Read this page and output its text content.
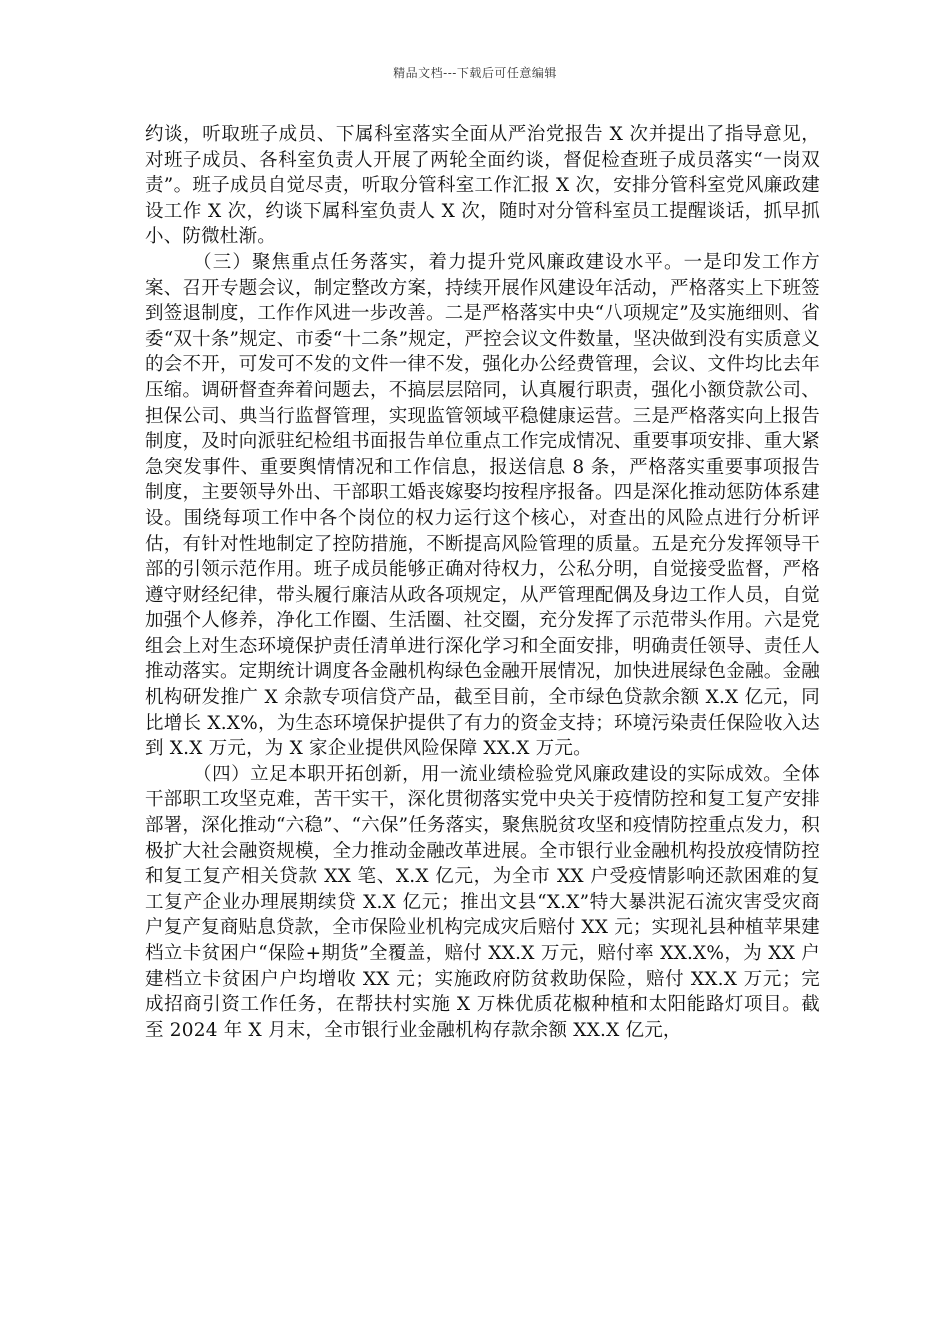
精品文档---下载后可任意编辑

约谈，听取班子成员、下属科室落实全面从严治党报告 X 次并提出了指导意见，对班子成员、各科室负责人开展了两轮全面约谈，督促检查班子成员落实“一岗双责”。班子成员自觉尽责，听取分管科室工作汇报 X 次，安排分管科室党风廉政建设工作 X 次，约谈下属科室负责人 X 次，随时对分管科室员工提醒谈话，抓早抓小、防微杜渐。

（三）聚焦重点任务落实，着力提升党风廉政建设水平。一是印发工作方案、召开专题会议，制定整改方案，持续开展作风建设年活动，严格落实上下班签到签退制度，工作作风进一步改善。二是严格落实中央“八项规定”及实施细则、省委“双十条”规定、市委“十二条”规定，严控会议文件数量，坚决做到没有实质意义的会不开，可发可不发的文件一律不发，强化办公经费管理，会议、文件均比去年压缩。调研督查奔着问题去，不搞层层陪同，认真履行职责，强化小额贷款公司、担保公司、典当行监督管理，实现监管领域平稳健康运营。三是严格落实向上报告制度，及时向派驻纪检组书面报告单位重点工作完成情况、重要事项安排、重大紧急突发事件、重要舆情情况和工作信息，报送信息 8 条，严格落实重要事项报告制度，主要领导外出、干部职工婚丧嫁娶均按程序报备。四是深化推动惩防体系建设。围绕每项工作中各个岗位的权力运行这个核心，对查出的风险点进行分析评估，有针对性地制定了控防措施，不断提高风险管理的质量。五是充分发挥领导干部的引领示范作用。班子成员能够正确对待权力，公私分明，自觉接受监督，严格遵守财经纪律，带头履行廉洁从政各项规定，从严管理配偶及身边工作人员，自觉加强个人修养，净化工作圈、生活圈、社交圈，充分发挥了示范带头作用。六是党组会上对生态环境保护责任清单进行深化学习和全面安排，明确责任领导、责任人推动落实。定期统计调度各金融机构绿色金融开展情况，加快进展绿色金融。金融机构研发推广 X 余款专项信贷产品，截至目前，全市绿色贷款余额 X.X 亿元，同比增长 X.X%，为生态环境保护提供了有力的资金支持；环境污染责任保险收入达到 X.X 万元，为 X 家企业提供风险保障 XX.X 万元。

（四）立足本职开拓创新，用一流业绩检验党风廉政建设的实际成效。全体干部职工攻坚克难，苦干实干，深化贯彻落实党中央关于疫情防控和复工复产安排部署，深化推动“六稳”、“六保”任务落实，聚焦脱贫攻坚和疫情防控重点发力，积极扩大社会融资规模，全力推动金融改革进展。全市银行业金融机构投放疫情防控和复工复产相关贷款 XX 笔、X.X 亿元，为全市 XX 户受疫情影响还款困难的复工复产企业办理展期续贷 X.X 亿元；推出文县“X.X”特大暴洪泥石流灾害受灾商户复产复商贴息贷款，全市保险业机构完成灾后赔付 XX 元；实现礼县种植苹果建档立卡贫困户“保险+期货”全覆盖，赔付 XX.X 万元，赔付率 XX.X%，为 XX 户建档立卡贫困户户均增收 XX 元；实施政府防贫救助保险，赔付 XX.X 万元；完成招商引资工作任务，在帮扶村实施 X 万株优质花椒种植和太阳能路灯项目。截至 2024 年 X 月末，全市银行业金融机构存款余额 XX.X 亿元，
